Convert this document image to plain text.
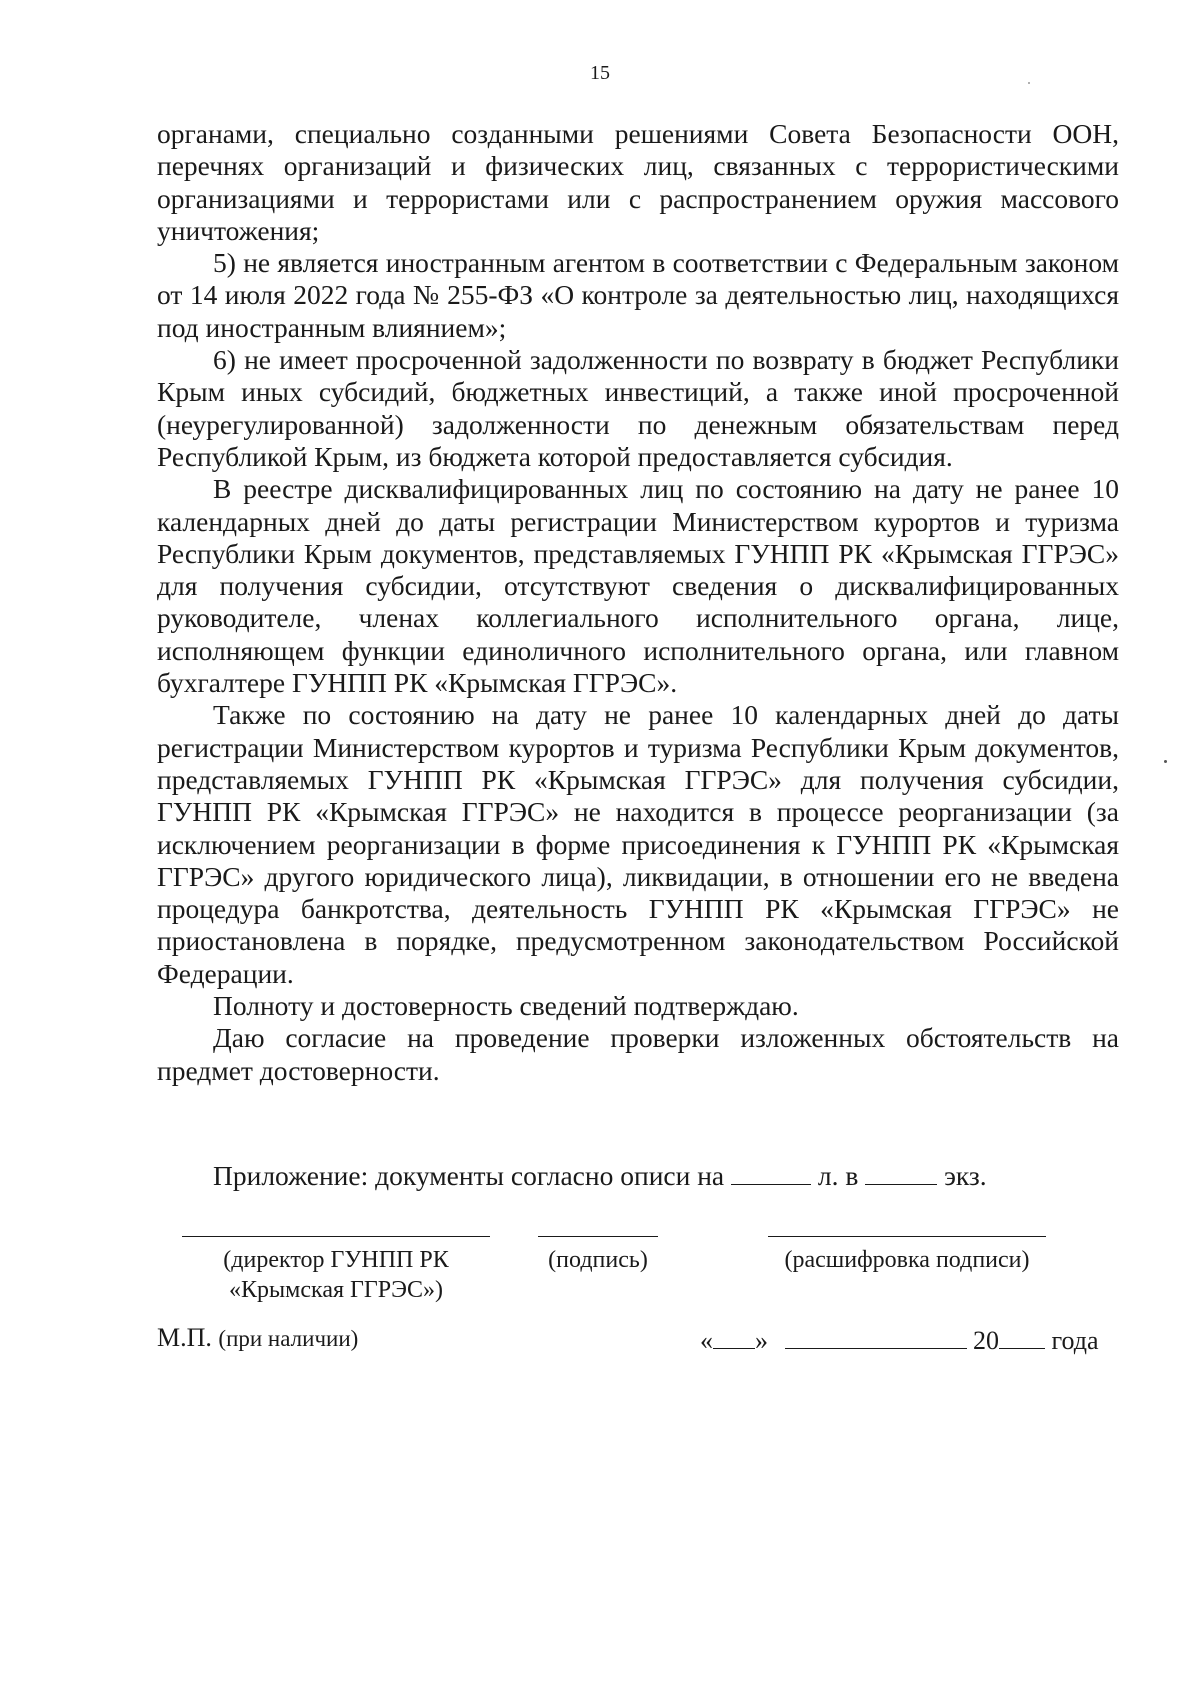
15

органами, специально созданными решениями Совета Безопасности ООН, перечнях организаций и физических лиц, связанных с террористическими организациями и террористами или с распространением оружия массового уничтожения;

5) не является иностранным агентом в соответствии с Федеральным законом от 14 июля 2022 года № 255-ФЗ «О контроле за деятельностью лиц, находящихся под иностранным влиянием»;

6) не имеет просроченной задолженности по возврату в бюджет Республики Крым иных субсидий, бюджетных инвестиций, а также иной просроченной (неурегулированной) задолженности по денежным обязательствам перед Республикой Крым, из бюджета которой предоставляется субсидия.

В реестре дисквалифицированных лиц по состоянию на дату не ранее 10 календарных дней до даты регистрации Министерством курортов и туризма Республики Крым документов, представляемых ГУНПП РК «Крымская ГГРЭС» для получения субсидии, отсутствуют сведения о дисквалифицированных руководителе, членах коллегиального исполнительного органа, лице, исполняющем функции единоличного исполнительного органа, или главном бухгалтере ГУНПП РК «Крымская ГГРЭС».

Также по состоянию на дату не ранее 10 календарных дней до даты регистрации Министерством курортов и туризма Республики Крым документов, представляемых ГУНПП РК «Крымская ГГРЭС» для получения субсидии, ГУНПП РК «Крымская ГГРЭС» не находится в процессе реорганизации (за исключением реорганизации в форме присоединения к ГУНПП РК «Крымская ГГРЭС» другого юридического лица), ликвидации, в отношении его не введена процедура банкротства, деятельность ГУНПП РК «Крымская ГГРЭС» не приостановлена в порядке, предусмотренном законодательством Российской Федерации.

Полноту и достоверность сведений подтверждаю.

Даю согласие на проведение проверки изложенных обстоятельств на предмет достоверности.

Приложение: документы согласно описи на	л. в	экз.
(директор ГУНПП РК
«Крымская ГГРЭС»)
(подпись)	(расшифровка подписи)
М.П. (при наличии)	« »	20 года
